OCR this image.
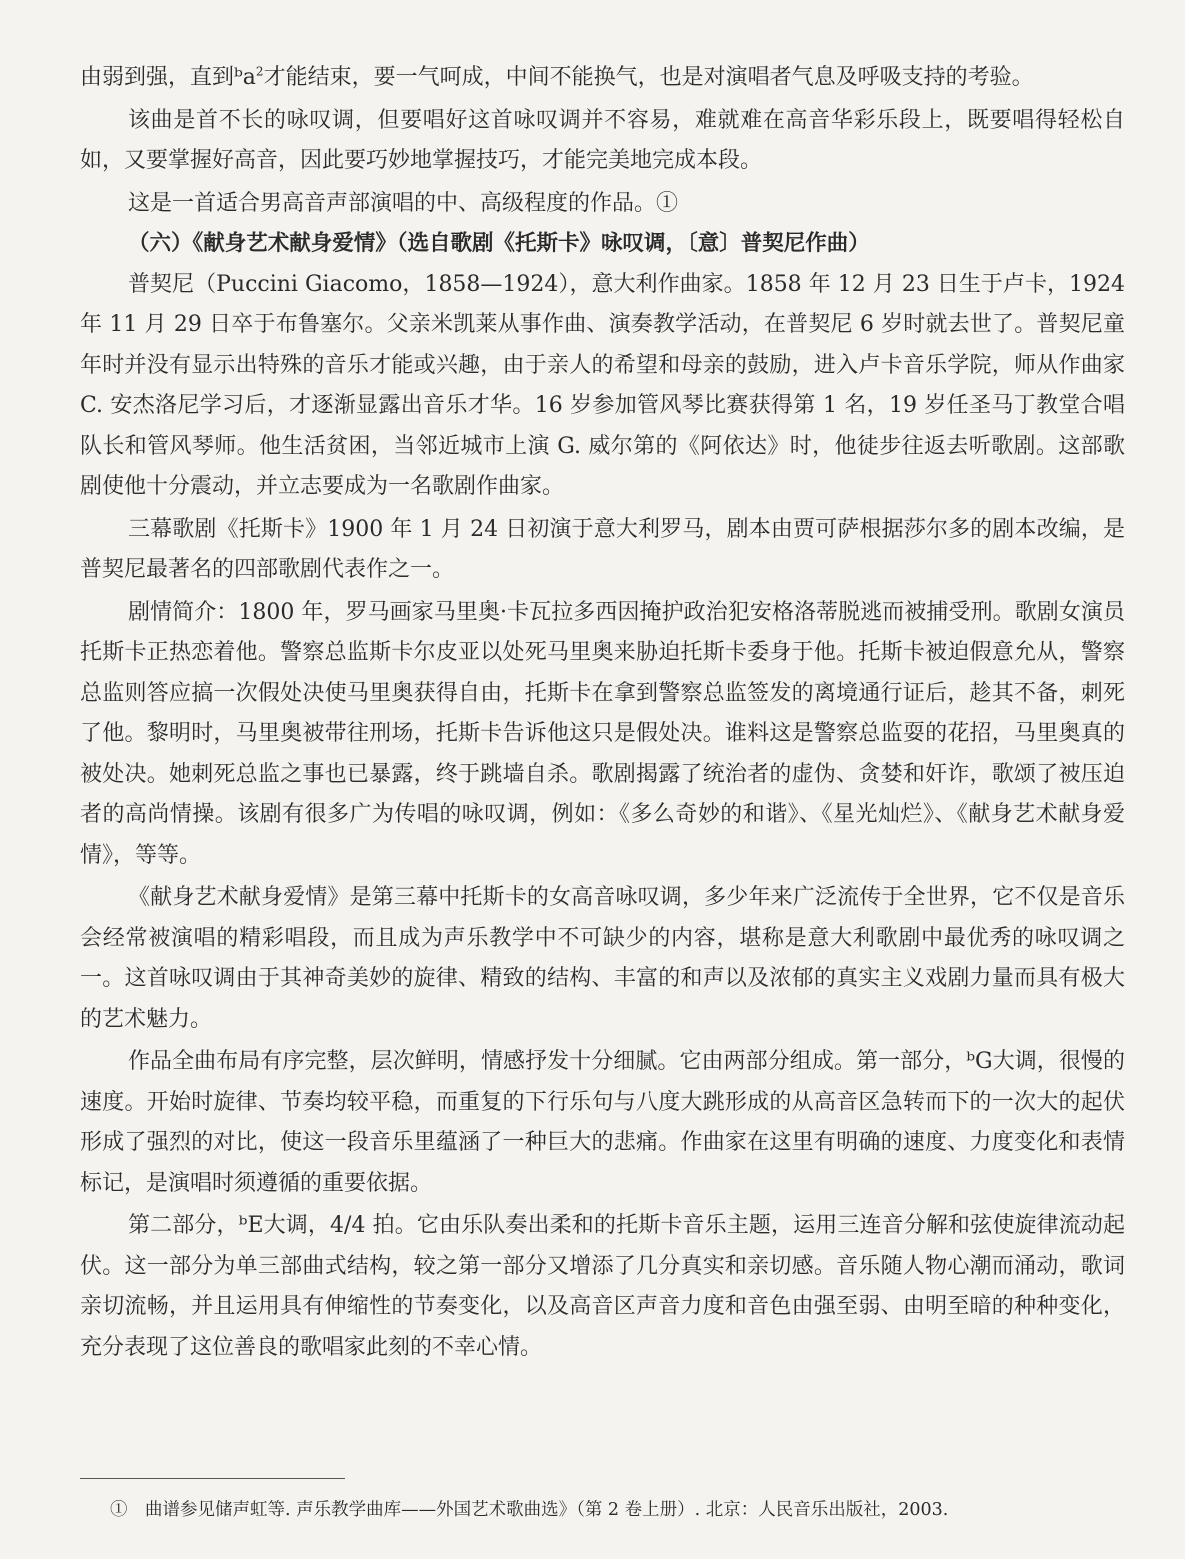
由弱到强，直到ᵇa$^2$才能结束，要一气呵成，中间不能换气，也是对演唱者气息及呼吸支持的考验。

该曲是首不长的咏叹调，但要唱好这首咏叹调并不容易，难就难在高音华彩乐段上，既要唱得轻松自如，又要掌握好高音，因此要巧妙地掌握技巧，才能完美地完成本段。

这是一首适合男高音声部演唱的中、高级程度的作品。①

（六）《献身艺术献身爱情》（选自歌剧《托斯卡》咏叹调，〔意〕普契尼作曲）

普契尼（Puccini Giacomo，1858—1924），意大利作曲家。1858 年 12 月 23 日生于卢卡，1924 年 11 月 29 日卒于布鲁塞尔。父亲米凯莱从事作曲、演奏教学活动，在普契尼 6 岁时就去世了。普契尼童年时并没有显示出特殊的音乐才能或兴趣，由于亲人的希望和母亲的鼓励，进入卢卡音乐学院，师从作曲家 C. 安杰洛尼学习后，才逐渐显露出音乐才华。16 岁参加管风琴比赛获得第 1 名，19 岁任圣马丁教堂合唱队长和管风琴师。他生活贫困，当邻近城市上演 G. 威尔第的《阿依达》时，他徒步往返去听歌剧。这部歌剧使他十分震动，并立志要成为一名歌剧作曲家。

三幕歌剧《托斯卡》1900 年 1 月 24 日初演于意大利罗马，剧本由贾可萨根据莎尔多的剧本改编，是普契尼最著名的四部歌剧代表作之一。

剧情简介：1800 年，罗马画家马里奥·卡瓦拉多西因掩护政治犯安格洛蒂脱逃而被捕受刑。歌剧女演员托斯卡正热恋着他。警察总监斯卡尔皮亚以处死马里奥来胁迫托斯卡委身于他。托斯卡被迫假意允从，警察总监则答应搞一次假处决使马里奥获得自由，托斯卡在拿到警察总监签发的离境通行证后，趁其不备，刺死了他。黎明时，马里奥被带往刑场，托斯卡告诉他这只是假处决。谁料这是警察总监耍的花招，马里奥真的被处决。她刺死总监之事也已暴露，终于跳墙自杀。歌剧揭露了统治者的虚伪、贪婪和奸诈，歌颂了被压迫者的高尚情操。该剧有很多广为传唱的咏叹调，例如：《多么奇妙的和谐》、《星光灿烂》、《献身艺术献身爱情》，等等。

《献身艺术献身爱情》是第三幕中托斯卡的女高音咏叹调，多少年来广泛流传于全世界，它不仅是音乐会经常被演唱的精彩唱段，而且成为声乐教学中不可缺少的内容，堪称是意大利歌剧中最优秀的咏叹调之一。这首咏叹调由于其神奇美妙的旋律、精致的结构、丰富的和声以及浓郁的真实主义戏剧力量而具有极大的艺术魅力。

作品全曲布局有序完整，层次鲜明，情感抒发十分细腻。它由两部分组成。第一部分，ᵇG大调，很慢的速度。开始时旋律、节奏均较平稳，而重复的下行乐句与八度大跳形成的从高音区急转而下的一次大的起伏形成了强烈的对比，使这一段音乐里蕴涵了一种巨大的悲痛。作曲家在这里有明确的速度、力度变化和表情标记，是演唱时须遵循的重要依据。

第二部分，ᵇE大调，4/4 拍。它由乐队奏出柔和的托斯卡音乐主题，运用三连音分解和弦使旋律流动起伏。这一部分为单三部曲式结构，较之第一部分又增添了几分真实和亲切感。音乐随人物心潮而涌动，歌词亲切流畅，并且运用具有伸缩性的节奏变化，以及高音区声音力度和音色由强至弱、由明至暗的种种变化，充分表现了这位善良的歌唱家此刻的不幸心情。

①　曲谱参见储声虹等. 声乐教学曲库——外国艺术歌曲选》（第 2 卷上册）. 北京：人民音乐出版社，2003.
